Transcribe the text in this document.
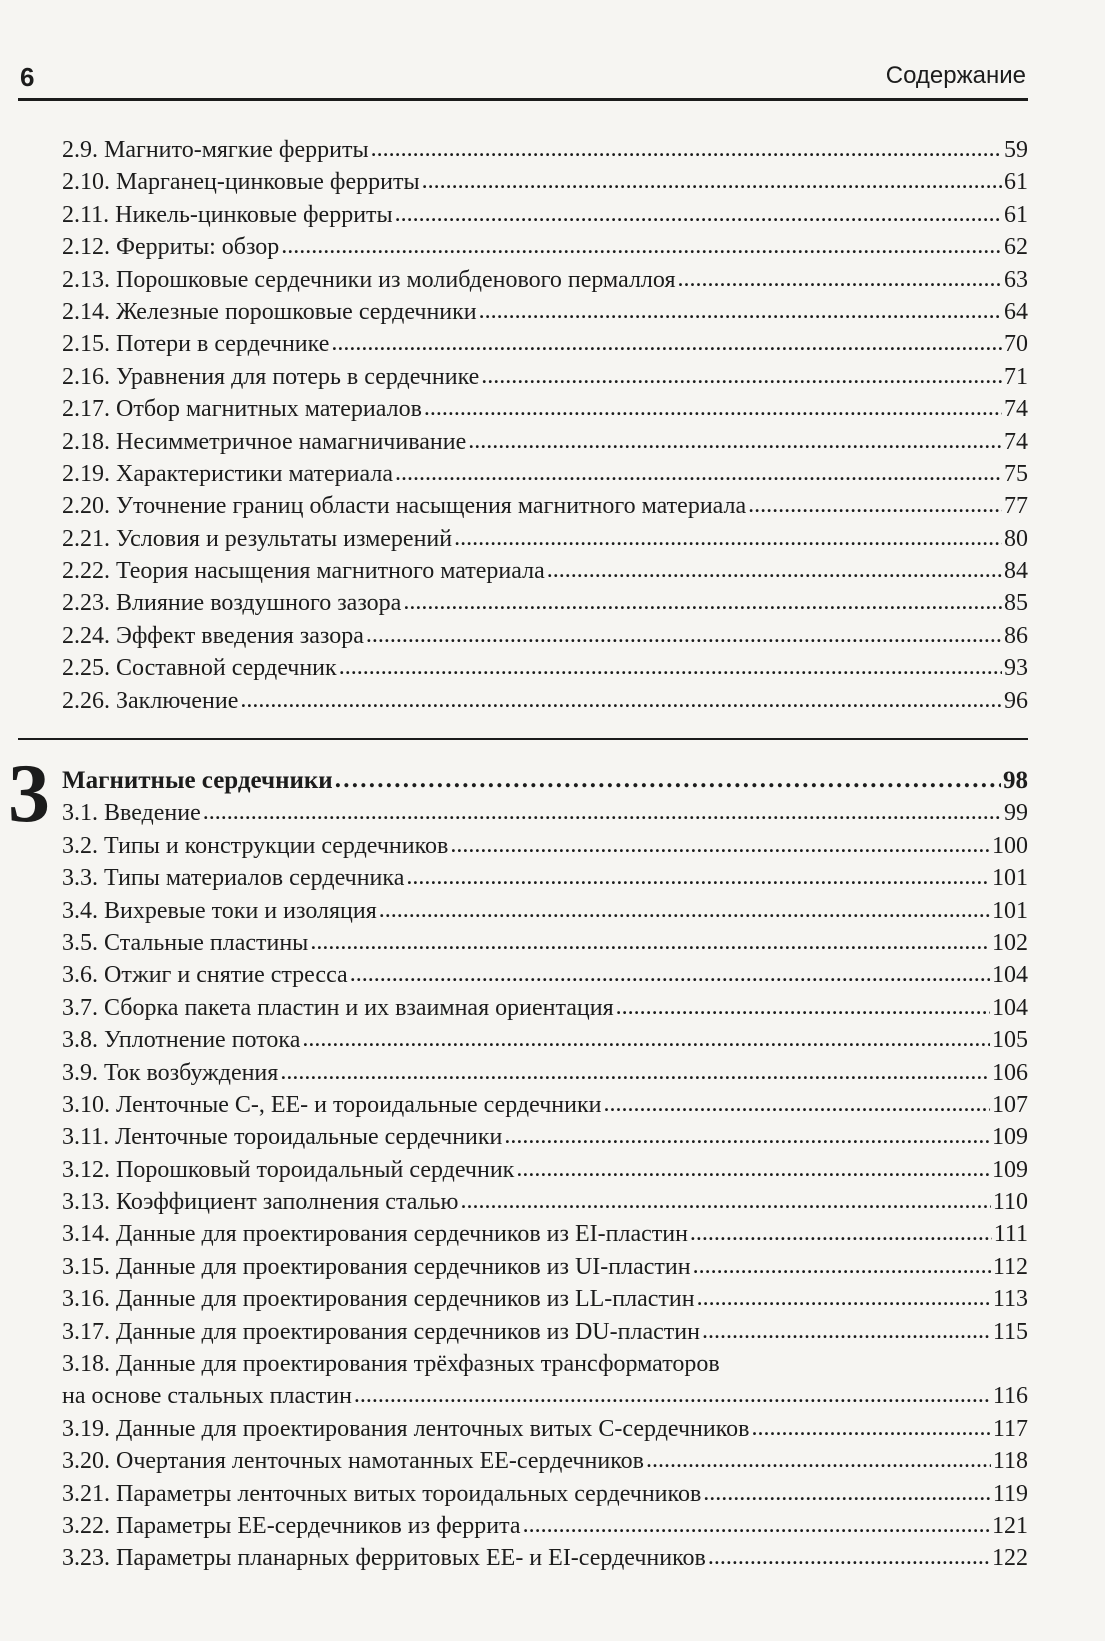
6	Содержание
2.9. Магнито-мягкие ферриты . . .	59
2.10. Марганец-цинковые ферриты . . .	61
2.11. Никель-цинковые ферриты . . .	61
2.12. Ферриты: обзор . . .	62
2.13. Порошковые сердечники из молибденового пермаллоя . . .	63
2.14. Железные порошковые сердечники . . .	64
2.15. Потери в сердечнике . . .	70
2.16. Уравнения для потерь в сердечнике . . .	71
2.17. Отбор магнитных материалов . . .	74
2.18. Несимметричное намагничивание . . .	74
2.19. Характеристики материала . . .	75
2.20. Уточнение границ области насыщения магнитного материала . . .	77
2.21. Условия и результаты измерений . . .	80
2.22. Теория насыщения магнитного материала . . .	84
2.23. Влияние воздушного зазора . . .	85
2.24. Эффект введения зазора . . .	86
2.25. Составной сердечник . . .	93
2.26. Заключение . . .	96
3 Магнитные сердечники . . .	98
3.1. Введение . . .	99
3.2. Типы и конструкции сердечников . . .	100
3.3. Типы материалов сердечника . . .	101
3.4. Вихревые токи и изоляция . . .	101
3.5. Стальные пластины . . .	102
3.6. Отжиг и снятие стресса . . .	104
3.7. Сборка пакета пластин и их взаимная ориентация . . .	104
3.8. Уплотнение потока . . .	105
3.9. Ток возбуждения . . .	106
3.10. Ленточные С-, ЕЕ- и тороидальные сердечники . . .	107
3.11. Ленточные тороидальные сердечники . . .	109
3.12. Порошковый тороидальный сердечник . . .	109
3.13. Коэффициент заполнения сталью . . .	110
3.14. Данные для проектирования сердечников из EI-пластин . . .	111
3.15. Данные для проектирования сердечников из UI-пластин . . .	112
3.16. Данные для проектирования сердечников из LL-пластин . . .	113
3.17. Данные для проектирования сердечников из DU-пластин . . .	115
3.18. Данные для проектирования трёхфазных трансформаторов
на основе стальных пластин . . .	116
3.19. Данные для проектирования ленточных витых С-сердечников . . .	117
3.20. Очертания ленточных намотанных ЕЕ-сердечников . . .	118
3.21. Параметры ленточных витых тороидальных сердечников . . .	119
3.22. Параметры ЕЕ-сердечников из феррита . . .	121
3.23. Параметры планарных ферритовых ЕЕ- и EI-сердечников . . .	122
